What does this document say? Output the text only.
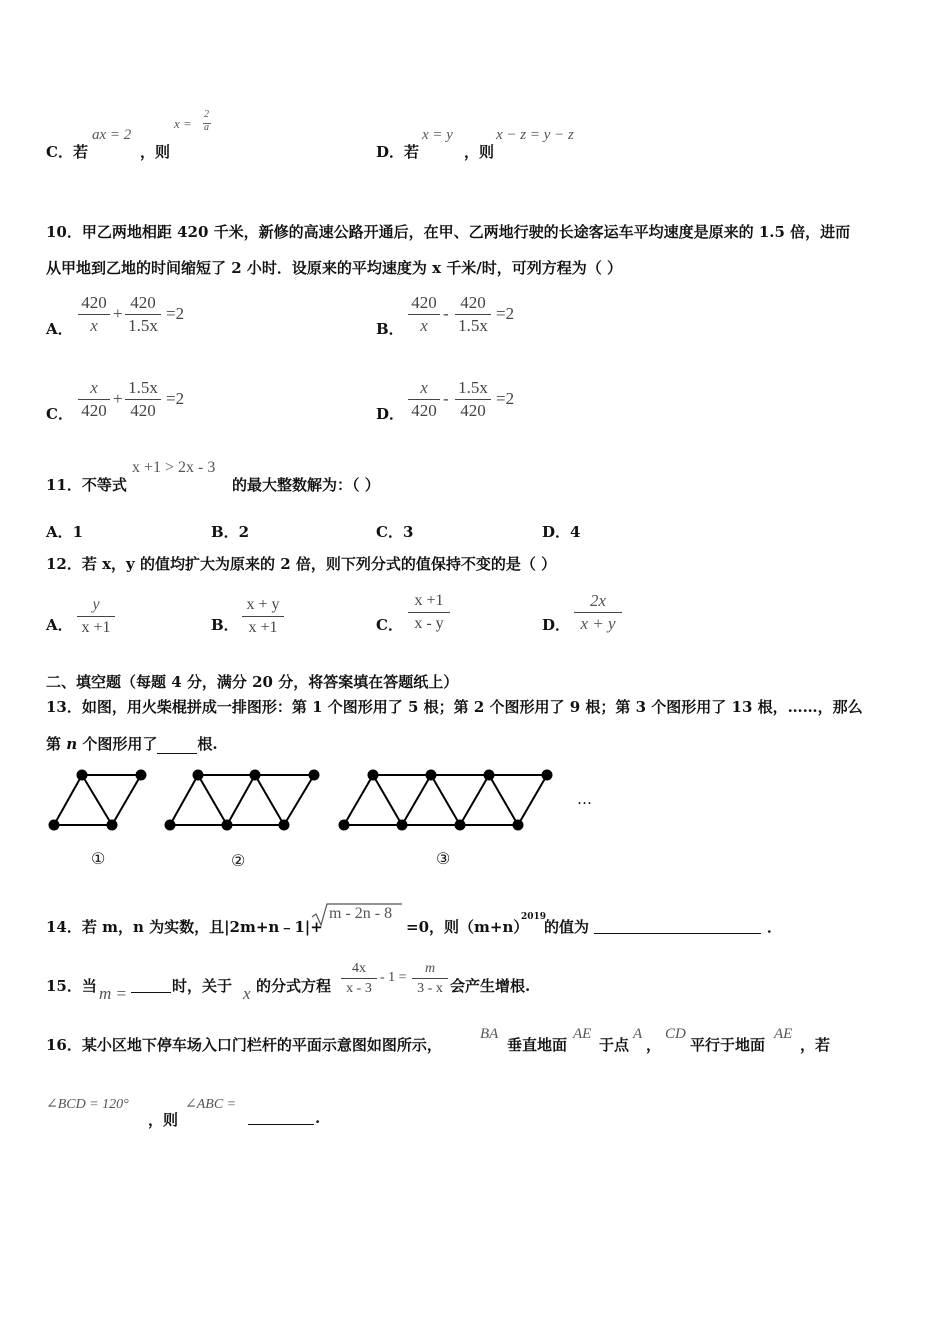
C．若
ax = 2
，则
x =
2
a
D．若
x = y
，则
x − z = y − z
10．甲乙两地相距 420 千米，新修的高速公路开通后，在甲、乙两地行驶的长途客运车平均速度是原来的 1.5 倍，进而
从甲地到乙地的时间缩短了 2 小时．设原来的平均速度为 x 千米/时，可列方程为（ ）
A． $\frac{420}{x} + \frac{420}{1.5x} =2$
B． $\frac{420}{x} - \frac{420}{1.5x} =2$
C． $\frac{x}{420} + \frac{1.5x}{420} =2$
D． $\frac{x}{420} - \frac{1.5x}{420} =2$
11．不等式
x +1 > 2x - 3
的最大整数解为：（ ）
A．1	B．2	C．3	D．4
12．若 x，y 的值均扩大为原来的 2 倍，则下列分式的值保持不变的是（ ）
A． $\frac{y}{x +1}$	B． $\frac{x + y}{x +1}$	C． $\frac{x +1}{x - y}$	D． $\frac{2x}{x + y}$
二、填空题（每题 4 分，满分 20 分，将答案填在答题纸上）
13．如图，用火柴棍拼成一排图形：第 1 个图形用了 5 根；第 2 个图形用了 9 根；第 3 个图形用了 13 根，……，那么
第 n 个图形用了	根.
…
①	②	③
14．若 m，n 为实数，且|2m+n﹣1|+
m - 2n - 8
=0，则（m+n）
2019
的值为	．
15．当 m =	时，关于 x 的分式方程 $\frac{4x}{x - 3} - 1 = \frac{m}{3 - x}$ 会产生增根.
16．某小区地下停车场入口门栏杆的平面示意图如图所示，
BA
垂直地面
AE
于点
A
，
CD
平行于地面
AE
，若
∠BCD = 120°
，则
∠ABC =
.
